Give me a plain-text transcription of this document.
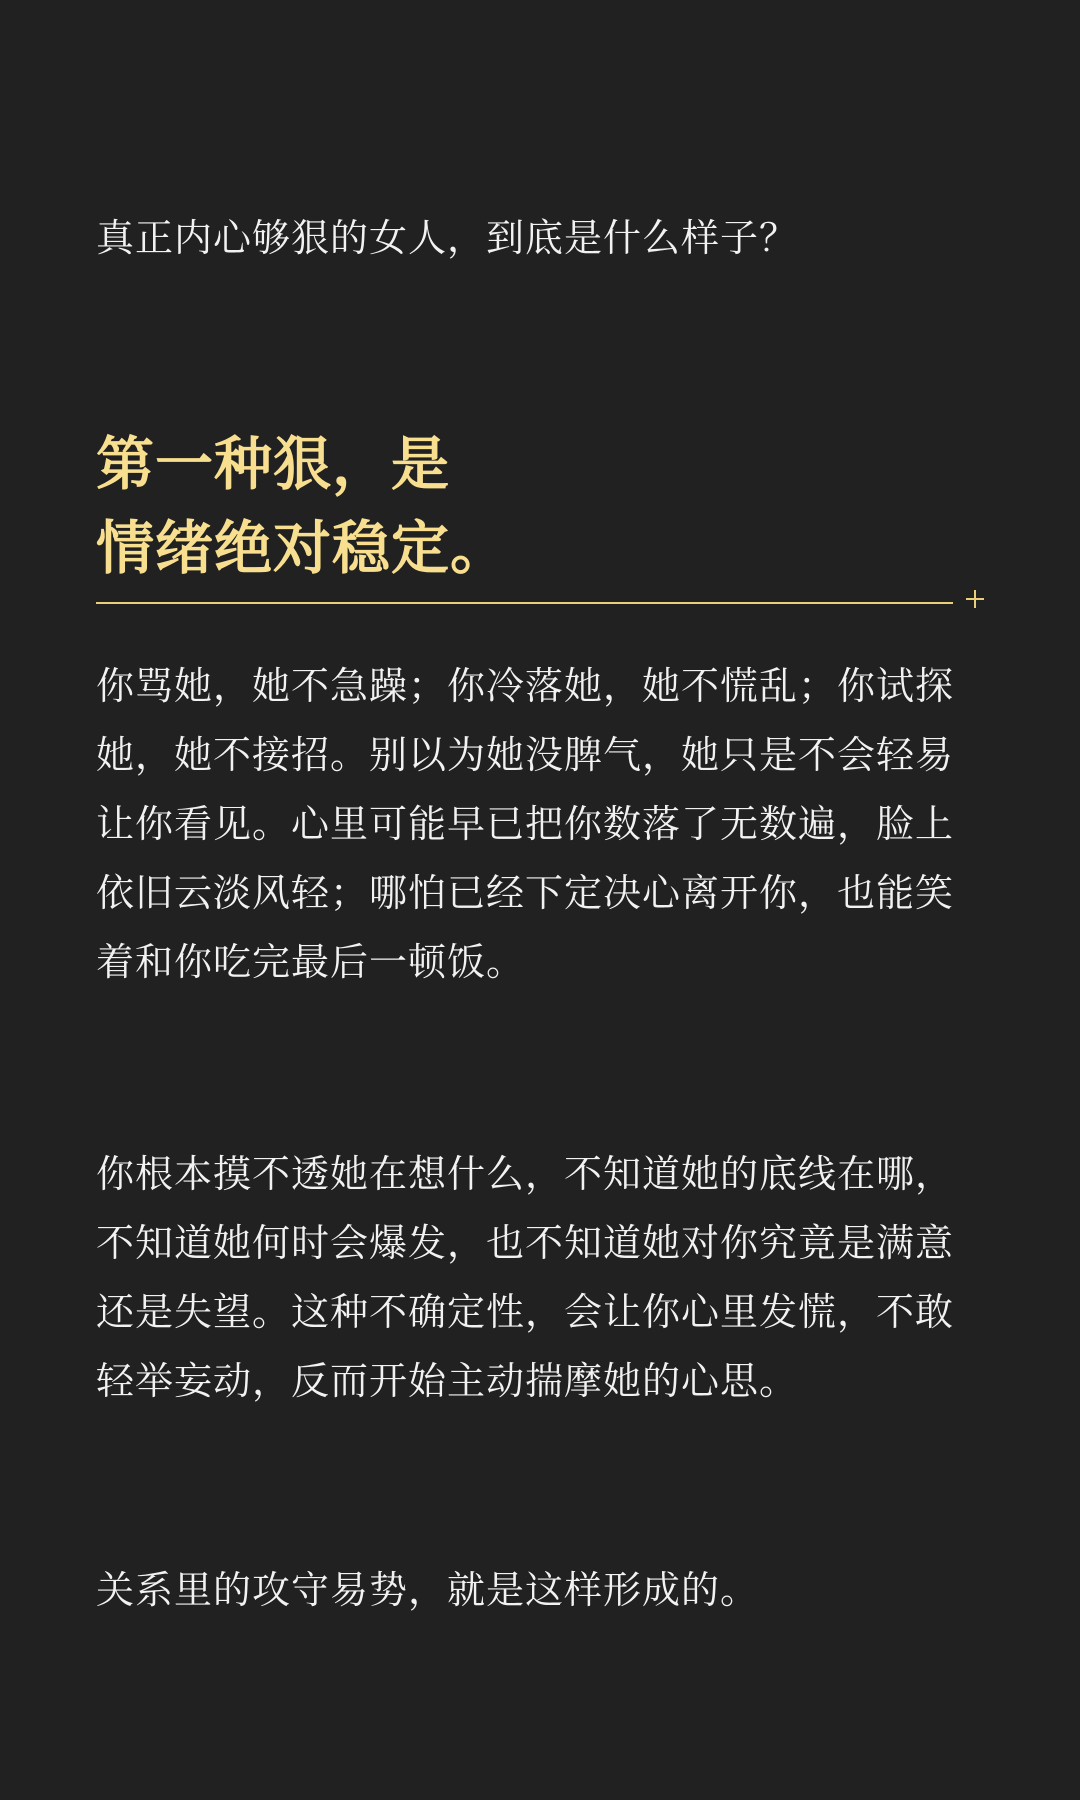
真正内心够狠的女人，到底是什么样子？

第一种狠，是
情绪绝对稳定。

你骂她，她不急躁；你冷落她，她不慌乱；你试探
她，她不接招。别以为她没脾气，她只是不会轻易
让你看见。心里可能早已把你数落了无数遍，脸上
依旧云淡风轻；哪怕已经下定决心离开你，也能笑
着和你吃完最后一顿饭。

你根本摸不透她在想什么，不知道她的底线在哪，
不知道她何时会爆发，也不知道她对你究竟是满意
还是失望。这种不确定性，会让你心里发慌，不敢
轻举妄动，反而开始主动揣摩她的心思。

关系里的攻守易势，就是这样形成的。
